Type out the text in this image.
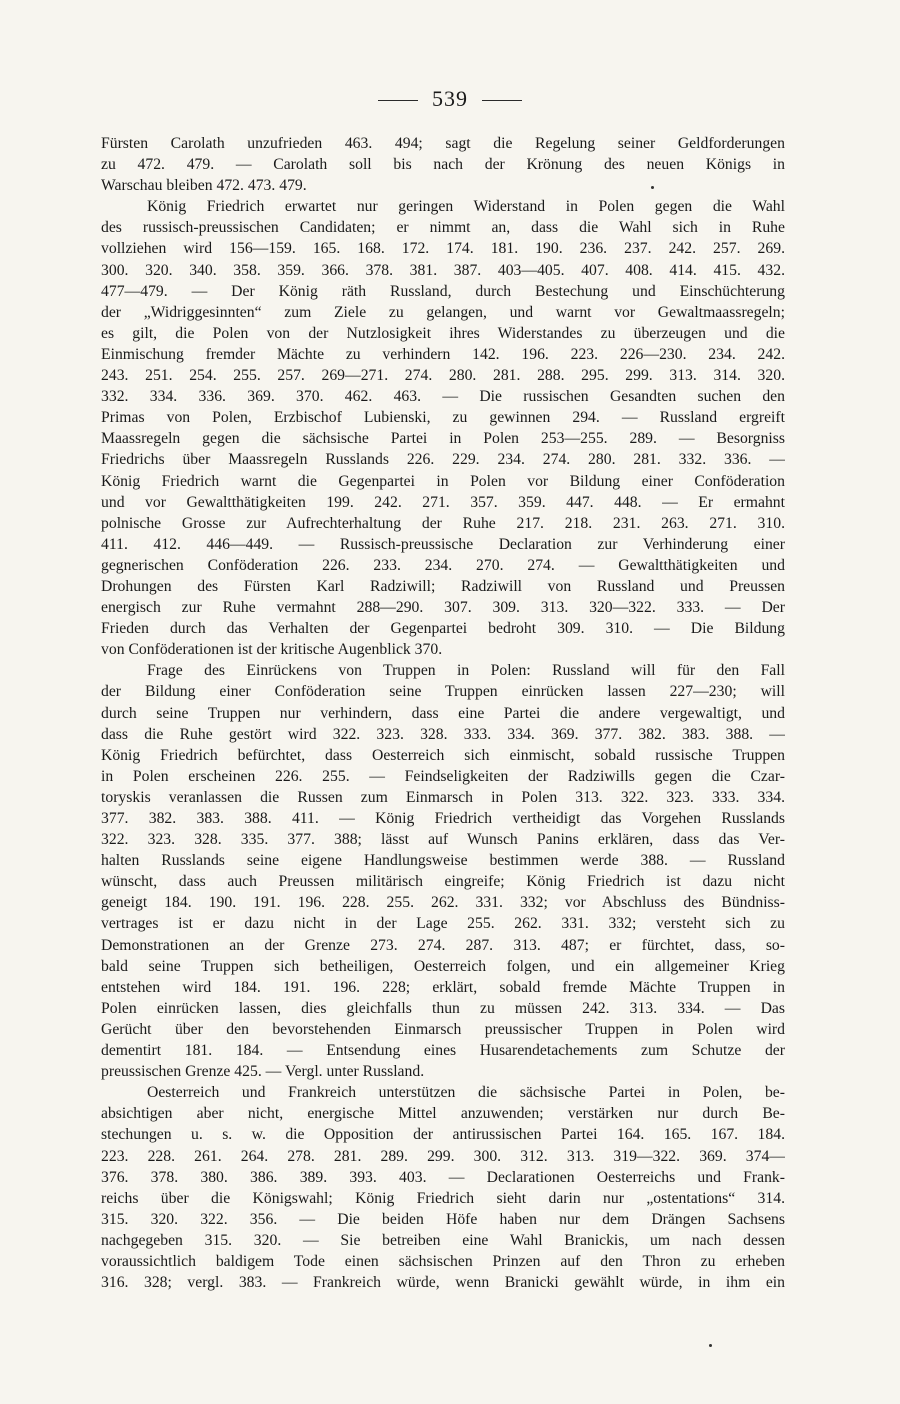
539
Fürsten Carolath unzufrieden 463. 494; sagt die Regelung seiner Geldforderungen
zu 472. 479. — Carolath soll bis nach der Krönung des neuen Königs in
Warschau bleiben 472. 473. 479.
König Friedrich erwartet nur geringen Widerstand in Polen gegen die Wahl
des russisch-preussischen Candidaten; er nimmt an, dass die Wahl sich in Ruhe
vollziehen wird 156—159. 165. 168. 172. 174. 181. 190. 236. 237. 242. 257. 269.
300. 320. 340. 358. 359. 366. 378. 381. 387. 403—405. 407. 408. 414. 415. 432.
477—479. — Der König räth Russland, durch Bestechung und Einschüchterung
der „Widriggesinnten“ zum Ziele zu gelangen, und warnt vor Gewaltmaassregeln;
es gilt, die Polen von der Nutzlosigkeit ihres Widerstandes zu überzeugen und die
Einmischung fremder Mächte zu verhindern 142. 196. 223. 226—230. 234. 242.
243. 251. 254. 255. 257. 269—271. 274. 280. 281. 288. 295. 299. 313. 314. 320.
332. 334. 336. 369. 370. 462. 463. — Die russischen Gesandten suchen den
Primas von Polen, Erzbischof Lubienski, zu gewinnen 294. — Russland ergreift
Maassregeln gegen die sächsische Partei in Polen 253—255. 289. — Besorgniss
Friedrichs über Maassregeln Russlands 226. 229. 234. 274. 280. 281. 332. 336. —
König Friedrich warnt die Gegenpartei in Polen vor Bildung einer Conföderation
und vor Gewaltthätigkeiten 199. 242. 271. 357. 359. 447. 448. — Er ermahnt
polnische Grosse zur Aufrechterhaltung der Ruhe 217. 218. 231. 263. 271. 310.
411. 412. 446—449. — Russisch-preussische Declaration zur Verhinderung einer
gegnerischen Conföderation 226. 233. 234. 270. 274. — Gewaltthätigkeiten und
Drohungen des Fürsten Karl Radziwill; Radziwill von Russland und Preussen
energisch zur Ruhe vermahnt 288—290. 307. 309. 313. 320—322. 333. — Der
Frieden durch das Verhalten der Gegenpartei bedroht 309. 310. — Die Bildung
von Conföderationen ist der kritische Augenblick 370.
Frage des Einrückens von Truppen in Polen: Russland will für den Fall
der Bildung einer Conföderation seine Truppen einrücken lassen 227—230; will
durch seine Truppen nur verhindern, dass eine Partei die andere vergewaltigt, und
dass die Ruhe gestört wird 322. 323. 328. 333. 334. 369. 377. 382. 383. 388. —
König Friedrich befürchtet, dass Oesterreich sich einmischt, sobald russische Truppen
in Polen erscheinen 226. 255. — Feindseligkeiten der Radziwills gegen die Czar-
toryskis veranlassen die Russen zum Einmarsch in Polen 313. 322. 323. 333. 334.
377. 382. 383. 388. 411. — König Friedrich vertheidigt das Vorgehen Russlands
322. 323. 328. 335. 377. 388; lässt auf Wunsch Panins erklären, dass das Ver-
halten Russlands seine eigene Handlungsweise bestimmen werde 388. — Russland
wünscht, dass auch Preussen militärisch eingreife; König Friedrich ist dazu nicht
geneigt 184. 190. 191. 196. 228. 255. 262. 331. 332; vor Abschluss des Bündniss-
vertrages ist er dazu nicht in der Lage 255. 262. 331. 332; versteht sich zu
Demonstrationen an der Grenze 273. 274. 287. 313. 487; er fürchtet, dass, so-
bald seine Truppen sich betheiligen, Oesterreich folgen, und ein allgemeiner Krieg
entstehen wird 184. 191. 196. 228; erklärt, sobald fremde Mächte Truppen in
Polen einrücken lassen, dies gleichfalls thun zu müssen 242. 313. 334. — Das
Gerücht über den bevorstehenden Einmarsch preussischer Truppen in Polen wird
dementirt 181. 184. — Entsendung eines Husarendetachements zum Schutze der
preussischen Grenze 425. — Vergl. unter Russland.
Oesterreich und Frankreich unterstützen die sächsische Partei in Polen, be-
absichtigen aber nicht, energische Mittel anzuwenden; verstärken nur durch Be-
stechungen u. s. w. die Opposition der antirussischen Partei 164. 165. 167. 184.
223. 228. 261. 264. 278. 281. 289. 299. 300. 312. 313. 319—322. 369. 374—
376. 378. 380. 386. 389. 393. 403. — Declarationen Oesterreichs und Frank-
reichs über die Königswahl; König Friedrich sieht darin nur „ostentations“ 314.
315. 320. 322. 356. — Die beiden Höfe haben nur dem Drängen Sachsens
nachgegeben 315. 320. — Sie betreiben eine Wahl Branickis, um nach dessen
voraussichtlich baldigem Tode einen sächsischen Prinzen auf den Thron zu erheben
316. 328; vergl. 383. — Frankreich würde, wenn Branicki gewählt würde, in ihm ein
